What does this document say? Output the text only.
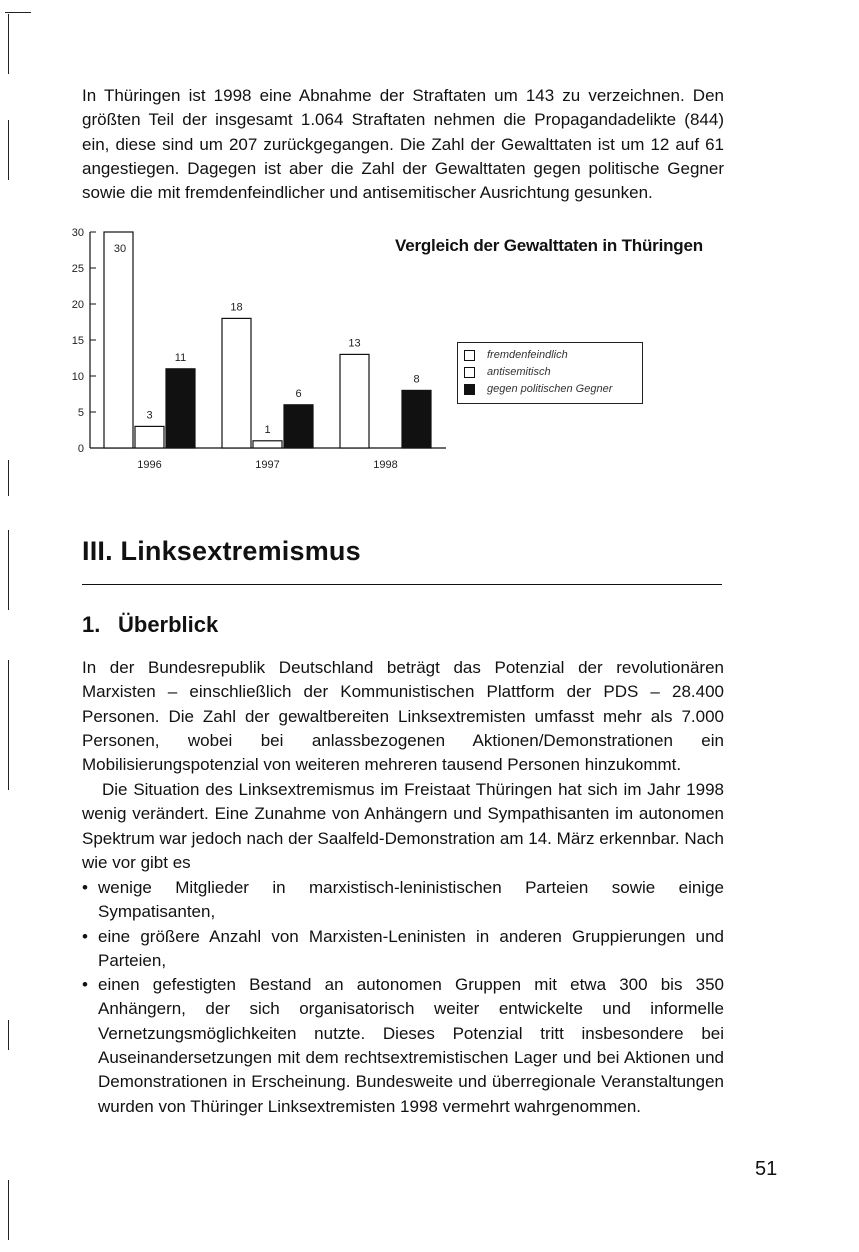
In Thüringen ist 1998 eine Abnahme der Straftaten um 143 zu verzeichnen. Den größten Teil der insgesamt 1.064 Straftaten nehmen die Propagandadelikte (844) ein, diese sind um 207 zurückgegangen. Die Zahl der Gewalttaten ist um 12 auf 61 angestiegen. Dagegen ist aber die Zahl der Gewalttaten gegen politische Gegner sowie die mit fremdenfeindlicher und antisemitischer Ausrichtung gesunken.

0
5
10
15
20
25
30
30
3
11
1996
18
1
6
1997
13
8
1998

Vergleich der Gewalttaten in Thüringen

fremdenfeindlich
antisemitisch
gegen politischen Gegner
III. Linksextremismus
1. Überblick

In der Bundesrepublik Deutschland beträgt das Potenzial der revolutionären Marxisten – einschließlich der Kommunistischen Plattform der PDS – 28.400 Personen. Die Zahl der gewaltbereiten Linksextremisten umfasst mehr als 7.000 Personen, wobei bei anlassbezogenen Aktionen/Demonstrationen ein Mobilisierungspotenzial von weiteren mehreren tausend Personen hinzukommt.

Die Situation des Linksextremismus im Freistaat Thüringen hat sich im Jahr 1998 wenig verändert. Eine Zunahme von Anhängern und Sympathisanten im autonomen Spektrum war jedoch nach der Saalfeld-Demonstration am 14. März erkennbar. Nach wie vor gibt es

• wenige Mitglieder in marxistisch-leninistischen Parteien sowie einige Sympatisanten,
• eine größere Anzahl von Marxisten-Leninisten in anderen Gruppierungen und Parteien,
• einen gefestigten Bestand an autonomen Gruppen mit etwa 300 bis 350 Anhängern, der sich organisatorisch weiter entwickelte und informelle Vernetzungsmöglichkeiten nutzte. Dieses Potenzial tritt insbesondere bei Auseinandersetzungen mit dem rechtsextremistischen Lager und bei Aktionen und Demonstrationen in Erscheinung. Bundesweite und überregionale Veranstaltungen wurden von Thüringer Linksextremisten 1998 vermehrt wahrgenommen.

51
